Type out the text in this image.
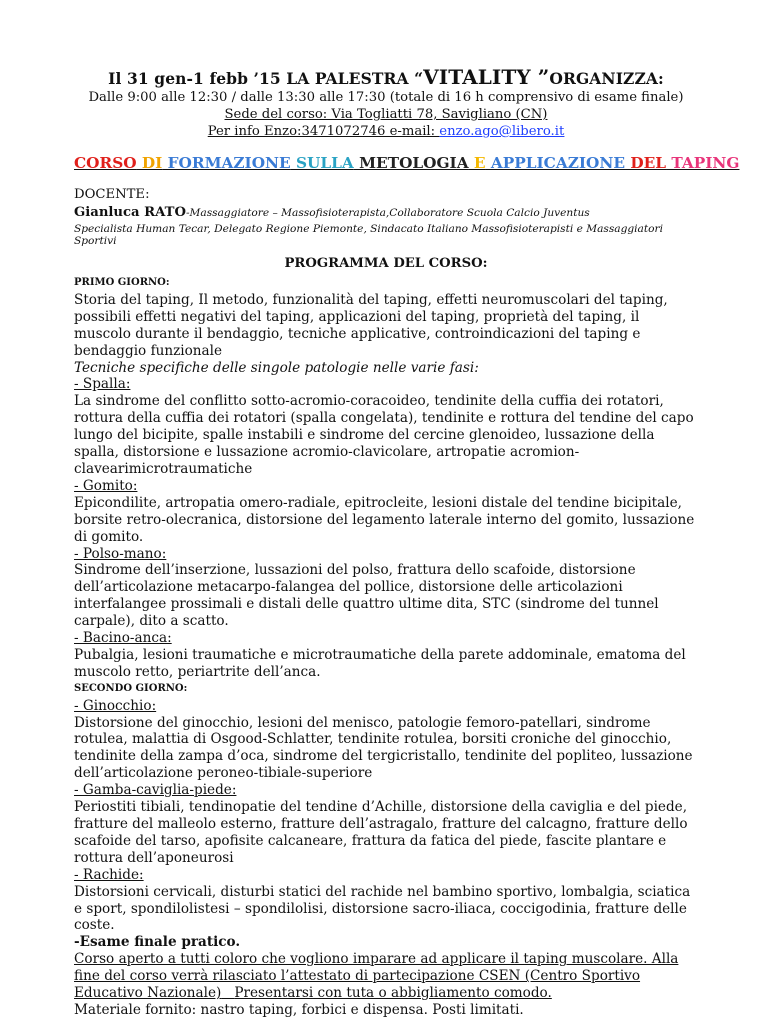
Il 31 gen-1 febb ’15 LA PALESTRA “VITALITY ”ORGANIZZA:
Dalle 9:00 alle 12:30 / dalle 13:30 alle 17:30 (totale di 16 h comprensivo di esame finale)
Sede del corso: Via Togliatti 78, Savigliano (CN)
Per info Enzo:3471072746 e-mail: enzo.ago@libero.it
CORSO DI FORMAZIONE SULLA METOLOGIA E APPLICAZIONE DEL TAPING
DOCENTE:
Gianluca RATO-Massaggiatore – Massofisioterapista,Collaboratore Scuola Calcio Juventus
Specialista Human Tecar, Delegato Regione Piemonte, Sindacato Italiano Massofisioterapisti e Massaggiatori Sportivi
PROGRAMMA DEL CORSO:

PRIMO GIORNO:

Storia del taping, Il metodo, funzionalità del taping, effetti neuromuscolari del taping, possibili effetti negativi del taping, applicazioni del taping, proprietà del taping, il muscolo durante il bendaggio, tecniche applicative, controindicazioni del taping e bendaggio funzionale

Tecniche specifiche delle singole patologie nelle varie fasi:

- Spalla:

La sindrome del conflitto sotto-acromio-coracoideo, tendinite della cuffia dei rotatori, rottura della cuffia dei rotatori (spalla congelata), tendinite e rottura del tendine del capo lungo del bicipite, spalle instabili e sindrome del cercine glenoideo, lussazione della spalla, distorsione e lussazione acromio-clavicolare, artropatie acromion-clavearimicrotraumatiche

- Gomito:

Epicondilite, artropatia omero-radiale, epitrocleite, lesioni distale del tendine bicipitale, borsite retro-olecranica, distorsione del legamento laterale interno del gomito, lussazione di gomito.

- Polso-mano:

Sindrome dell’inserzione, lussazioni del polso, frattura dello scafoide, distorsione dell’articolazione metacarpo-falangea del pollice, distorsione delle articolazioni interfalangee prossimali e distali delle quattro ultime dita, STC (sindrome del tunnel carpale), dito a scatto.

- Bacino-anca:

Pubalgia, lesioni traumatiche e microtraumatiche della parete addominale, ematoma del muscolo retto, periartrite dell’anca.

SECONDO GIORNO:

- Ginocchio:

Distorsione del ginocchio, lesioni del menisco, patologie femoro-patellari, sindrome rotulea, malattia di Osgood-Schlatter, tendinite rotulea, borsiti croniche del ginocchio, tendinite della zampa d’oca, sindrome del tergicristallo, tendinite del popliteo, lussazione dell’articolazione peroneo-tibiale-superiore

- Gamba-caviglia-piede:

Periostiti tibiali, tendinopatie del tendine d’Achille, distorsione della caviglia e del piede, fratture del malleolo esterno, fratture dell’astragalo, fratture del calcagno, fratture dello scafoide del tarso, apofisite calcaneare, frattura da fatica del piede, fascite plantare e rottura dell’aponeurosi

- Rachide:

Distorsioni cervicali, disturbi statici del rachide nel bambino sportivo, lombalgia, sciatica e sport, spondilolistesi – spondilolisi, distorsione sacro-iliaca, coccigodinia, fratture delle coste.

-Esame finale pratico.

Corso aperto a tutti coloro che vogliono imparare ad applicare il taping muscolare. Alla fine del corso verrà rilasciato l’attestato di partecipazione CSEN (Centro Sportivo Educativo Nazionale) Presentarsi con tuta o abbigliamento comodo.

Materiale fornito: nastro taping, forbici e dispensa. Posti limitati.
